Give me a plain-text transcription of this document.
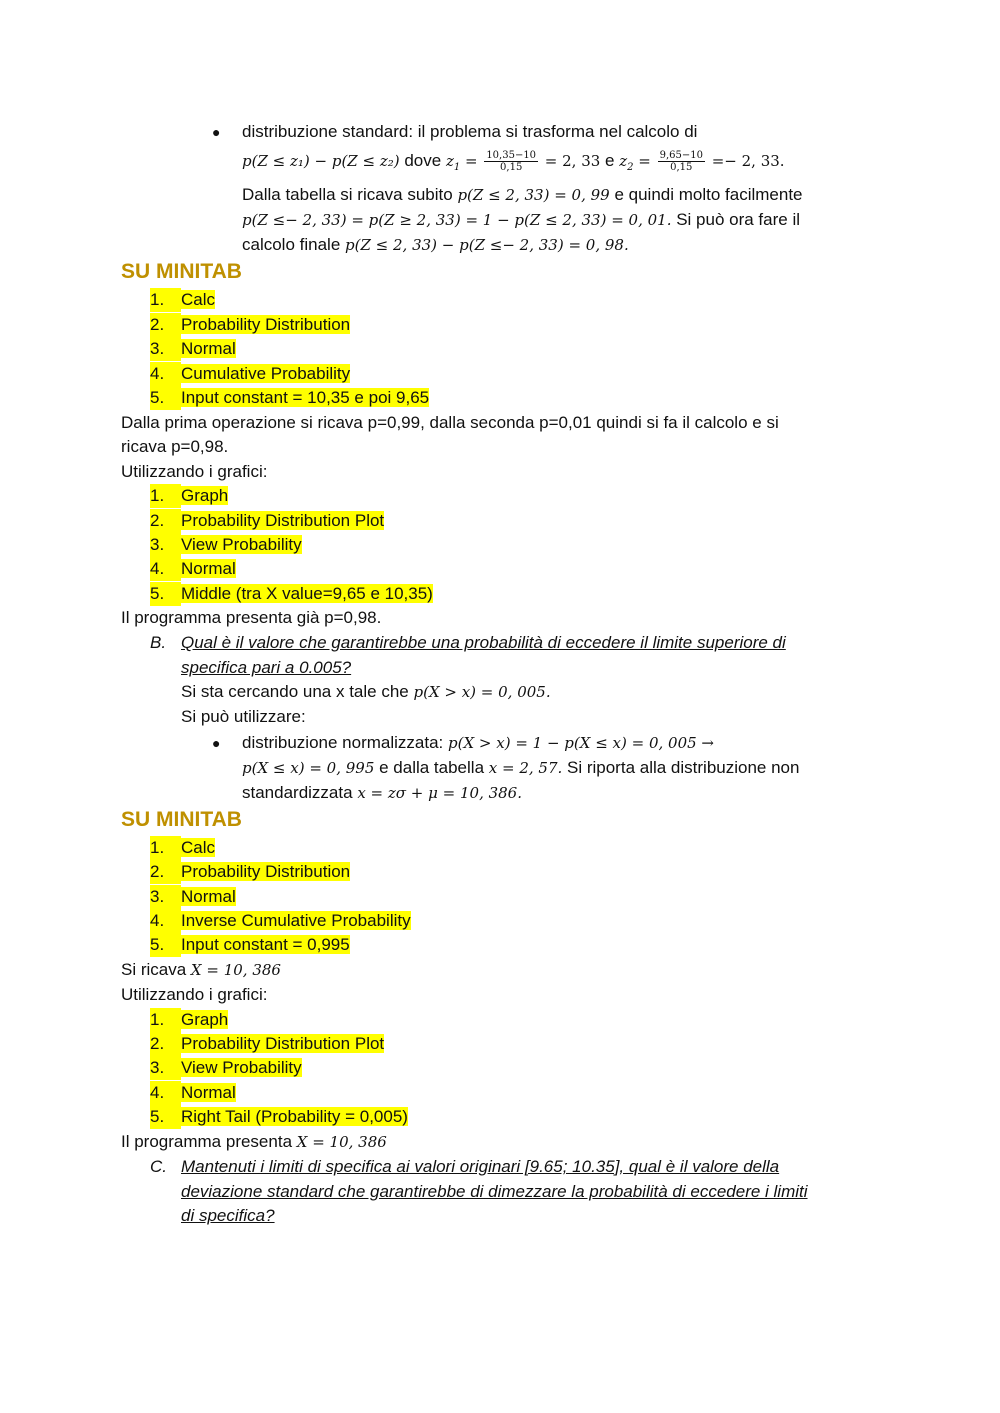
● distribuzione standard: il problema si trasforma nel calcolo di
p(Z ≤ z₁) − p(Z ≤ z₂) dove $z_1 = \frac{10,35-10}{0,15} = 2$, 33 e $z_2 = \frac{9,65-10}{0,15} =- 2$, 33.
Dalla tabella si ricava subito p(Z ≤ 2, 33) = 0, 99 e quindi molto facilmente
p(Z ≤− 2, 33) = p(Z ≥ 2, 33) = 1 − p(Z ≤ 2, 33) = 0, 01. Si può ora fare il
calcolo finale p(Z ≤ 2, 33) − p(Z ≤− 2, 33) = 0, 98.
SU MINITAB
1. Calc
2. Probability Distribution
3. Normal
4. Cumulative Probability
5. Input constant = 10,35 e poi 9,65
Dalla prima operazione si ricava p=0,99, dalla seconda p=0,01 quindi si fa il calcolo e si
ricava p=0,98.
Utilizzando i grafici:
1. Graph
2. Probability Distribution Plot
3. View Probability
4. Normal
5. Middle (tra X value=9,65 e 10,35)
Il programma presenta già p=0,98.
B. Qual è il valore che garantirebbe una probabilità di eccedere il limite superiore di
specifica pari a 0.005?
Si sta cercando una x tale che p(X > x) = 0, 005.
Si può utilizzare:
● distribuzione normalizzata: p(X > x) = 1 − p(X ≤ x) = 0, 005 →
p(X ≤ x) = 0, 995 e dalla tabella x = 2, 57. Si riporta alla distribuzione non
standardizzata x = zσ + μ = 10, 386.
SU MINITAB
1. Calc
2. Probability Distribution
3. Normal
4. Inverse Cumulative Probability
5. Input constant = 0,995
Si ricava X = 10, 386
Utilizzando i grafici:
1. Graph
2. Probability Distribution Plot
3. View Probability
4. Normal
5. Right Tail (Probability = 0,005)
Il programma presenta X = 10, 386
C. Mantenuti i limiti di specifica ai valori originari [9.65; 10.35], qual è il valore della
deviazione standard che garantirebbe di dimezzare la probabilità di eccedere i limiti
di specifica?
